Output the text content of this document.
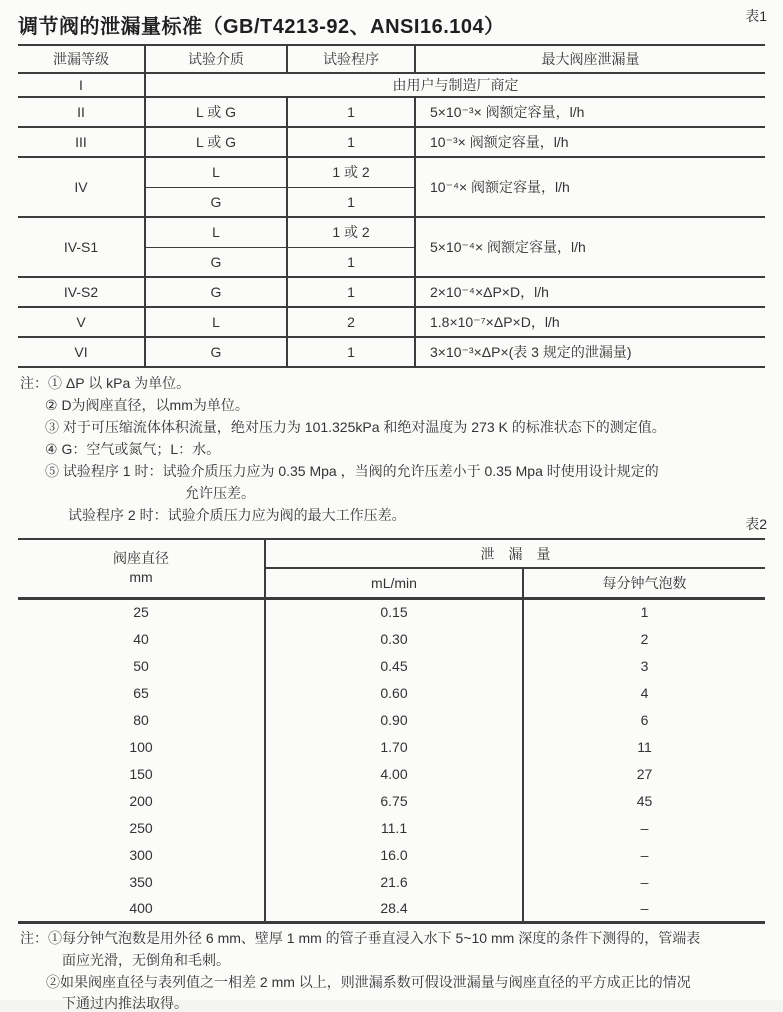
调节阀的泄漏量标准（GB/T4213-92、ANSI16.104）	表1
泄漏等级	试验介质	试验程序	最大阀座泄漏量
I	由用户与制造厂商定		
II	L 或 G	1	5×10⁻³× 阀额定容量，l/h
III	L 或 G	1	10⁻³× 阀额定容量，l/h
IV	L	1 或 2	10⁻⁴× 阀额定容量，l/h
	G	1	
IV-S1	L	1 或 2	5×10⁻⁴× 阀额定容量，l/h
	G	1	
IV-S2	G	1	2×10⁻⁴×ΔP×D，l/h
V	L	2	1.8×10⁻⁷×ΔP×D，l/h
VI	G	1	3×10⁻³×ΔP×(表 3 规定的泄漏量)
注：① ΔP 以 kPa 为单位。
② D为阀座直径，以mm为单位。
③ 对于可压缩流体体积流量，绝对压力为 101.325kPa 和绝对温度为 273 K 的标准状态下的测定值。
④ G：空气或氮气；L：水。
⑤ 试验程序 1 时：试验介质压力应为 0.35 Mpa ，当阀的允许压差小于 0.35 Mpa 时使用设计规定的
允许压差。
试验程序 2 时：试验介质压力应为阀的最大工作压差。
表2
阀座直径
mm	泄　漏　量	
	mL/min	每分钟气泡数
25	0.15	1
40	0.30	2
50	0.45	3
65	0.60	4
80	0.90	6
100	1.70	11
150	4.00	27
200	6.75	45
250	11.1	–
300	16.0	–
350	21.6	–
400	28.4	–
注：①每分钟气泡数是用外径 6 mm、壁厚 1 mm 的管子垂直浸入水下 5~10 mm 深度的条件下测得的，管端表
面应光滑，无倒角和毛刺。
②如果阀座直径与表列值之一相差 2 mm 以上，则泄漏系数可假设泄漏量与阀座直径的平方成正比的情况
下通过内推法取得。
